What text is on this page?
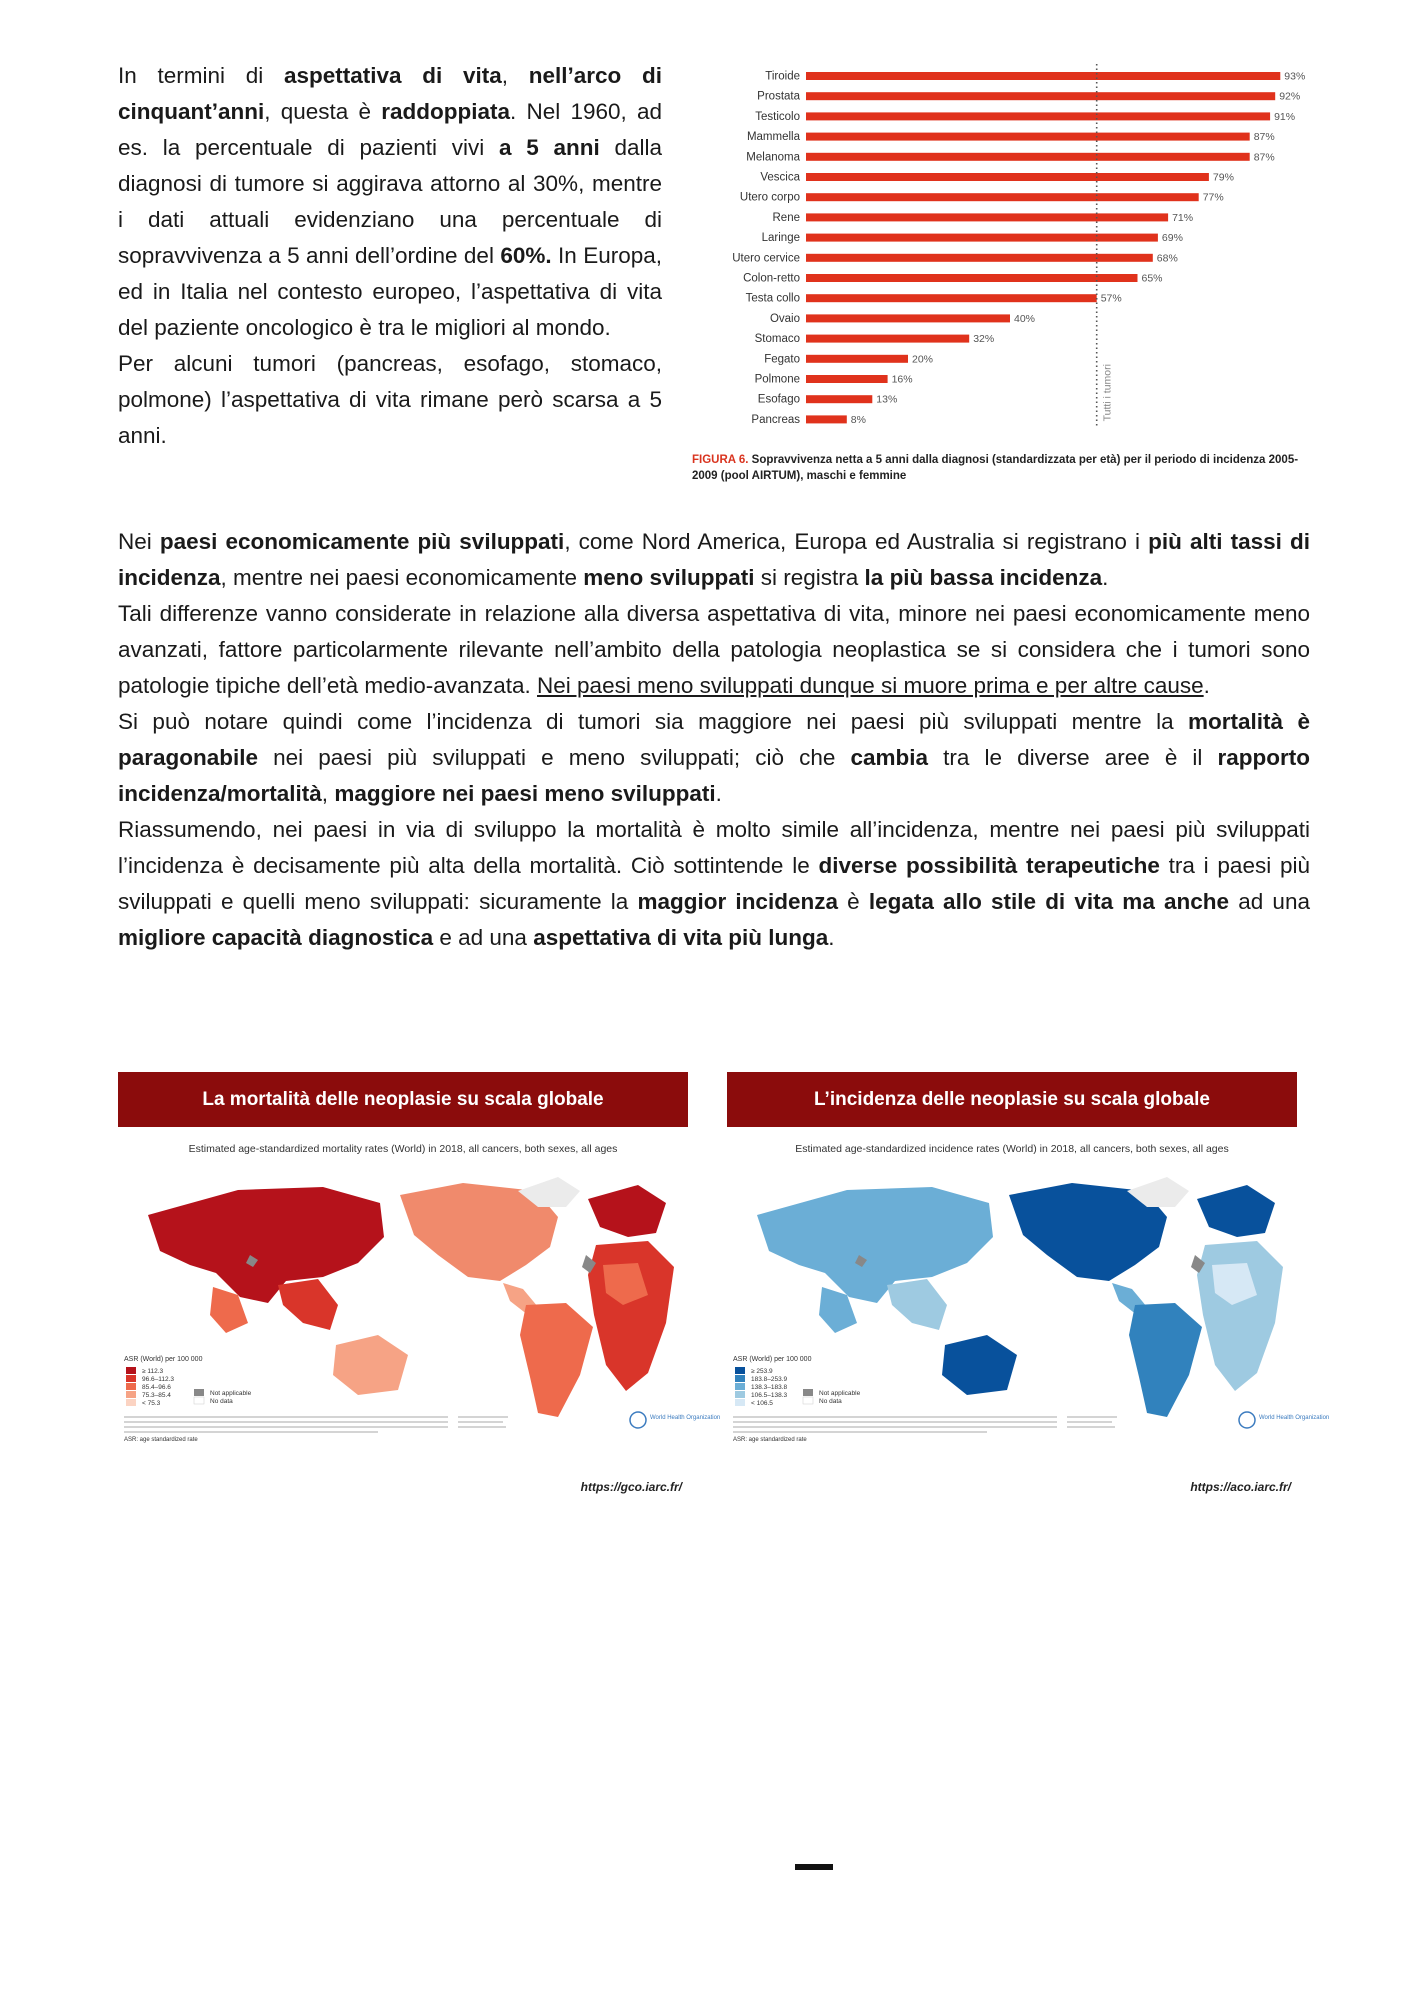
In termini di aspettativa di vita, nell’arco di cinquant’anni, questa è raddoppiata. Nel 1960, ad es. la percentuale di pazienti vivi a 5 anni dalla diagnosi di tumore si aggirava attorno al 30%, mentre i dati attuali evidenziano una percentuale di sopravvivenza a 5 anni dell’ordine del 60%. In Europa, ed in Italia nel contesto europeo, l’aspettativa di vita del paziente oncologico è tra le migliori al mondo.
Per alcuni tumori (pancreas, esofago, stomaco, polmone) l’aspettativa di vita rimane però scarsa a 5 anni.
Tiroide	93%
Prostata	92%
Testicolo	91%
Mammella	87%
Melanoma	87%
Vescica	79%
Utero corpo	77%
Rene	71%
Laringe	69%
Utero cervice	68%
Colon-retto	65%
Testa collo	57%
Ovaio	40%
Stomaco	32%
Fegato	20%
Polmone	16%
Esofago	13%
Pancreas	8%	Tutti i tumori
FIGURA 6. Sopravvivenza netta a 5 anni dalla diagnosi (standardizzata per età) per il periodo di incidenza 2005-2009 (pool AIRTUM), maschi e femmine
Nei paesi economicamente più sviluppati, come Nord America, Europa ed Australia si registrano i più alti tassi di incidenza, mentre nei paesi economicamente meno sviluppati si registra la più bassa incidenza.
Tali differenze vanno considerate in relazione alla diversa aspettativa di vita, minore nei paesi economicamente meno avanzati, fattore particolarmente rilevante nell’ambito della patologia neoplastica se si considera che i tumori sono patologie tipiche dell’età medio-avanzata. Nei paesi meno sviluppati dunque si muore prima e per altre cause.
Si può notare quindi come l’incidenza di tumori sia maggiore nei paesi più sviluppati mentre la mortalità è paragonabile nei paesi più sviluppati e meno sviluppati; ciò che cambia tra le diverse aree è il rapporto incidenza/mortalità, maggiore nei paesi meno sviluppati.
Riassumendo, nei paesi in via di sviluppo la mortalità è molto simile all’incidenza, mentre nei paesi più sviluppati l’incidenza è decisamente più alta della mortalità. Ciò sottintende le diverse possibilità terapeutiche tra i paesi più sviluppati e quelli meno sviluppati: sicuramente la maggior incidenza è legata allo stile di vita ma anche ad una migliore capacità diagnostica e ad una aspettativa di vita più lunga.
La mortalità delle neoplasie su scala globale
Estimated age-standardized mortality rates (World) in 2018, all cancers, both sexes, all ages
ASR (World) per 100 000
≥ 112.3
96.6–112.3
85.4–96.6
75.3–85.4
< 75.3
Not applicable
No data
ASR: age standardized rate
World Health Organization
https://gco.iarc.fr/
L’incidenza delle neoplasie su scala globale
Estimated age-standardized incidence rates (World) in 2018, all cancers, both sexes, all ages
ASR (World) per 100 000
≥ 253.9
183.8–253.9
138.3–183.8
106.5–138.3
< 106.5
Not applicable
No data
ASR: age standardized rate
World Health Organization
https://aco.iarc.fr/
